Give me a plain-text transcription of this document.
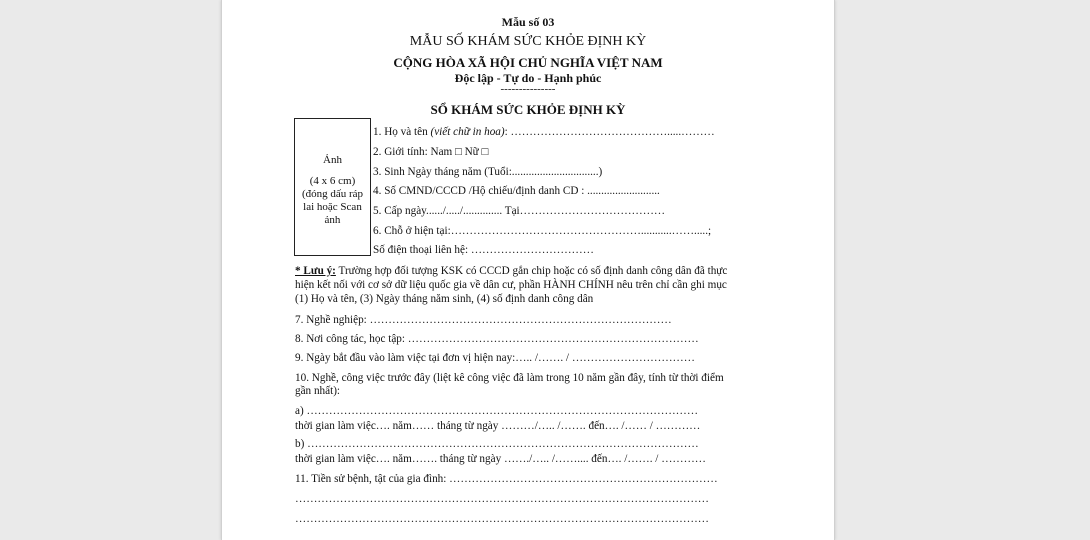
Mẫu số 03
MẪU SỐ KHÁM SỨC KHỎE ĐỊNH KỲ
CỘNG HÒA XÃ HỘI CHỦ NGHĨA VIỆT NAM
Độc lập - Tự do - Hạnh phúc
---------------
SỔ KHÁM SỨC KHỎE ĐỊNH KỲ
Ảnh
(4 x 6 cm) (đóng dấu ráp lai hoặc Scan ảnh
1. Họ và tên (viết chữ in hoa): …………………………………….....………
2. Giới tính: Nam □ Nữ □
3. Sinh Ngày tháng năm (Tuổi:...............................)
4. Số CMND/CCCD /Hộ chiếu/định danh CD : ..........................
5. Cấp ngày....../...../.............. Tại…………………………………
6. Chỗ ở hiện tại:……………………………………………...........…….....;
Số điện thoại liên hệ: ……………………………
* Lưu ý: Trường hợp đối tượng KSK có CCCD gắn chip hoặc có số định danh công dân đã thực
hiện kết nối với cơ sở dữ liệu quốc gia về dân cư, phần HÀNH CHÍNH nêu trên chỉ cần ghi mục
(1) Họ và tên, (3) Ngày tháng năm sinh, (4) số định danh công dân
7. Nghề nghiệp: ………………………………………………………………………
8. Nơi công tác, học tập: ……………………………………………………………………
9. Ngày bắt đầu vào làm việc tại đơn vị hiện nay:….. /……. / ……………………………
10. Nghề, công việc trước đây (liệt kê công việc đã làm trong 10 năm gần đây, tính từ thời điểm
gần nhất):
a) ……………………………………………………………………………………………
thời gian làm việc…. năm…… tháng từ ngày ………/….. /……. đến…. /…… / …………
b) ……………………………………………………………………………………………
thời gian làm việc…. năm……. tháng từ ngày ……./….. /…….... đến…. /……. / …………
11. Tiền sử bệnh, tật của gia đình: ………………………………………………………………
…………………………………………………………………………………………………
…………………………………………………………………………………………………
